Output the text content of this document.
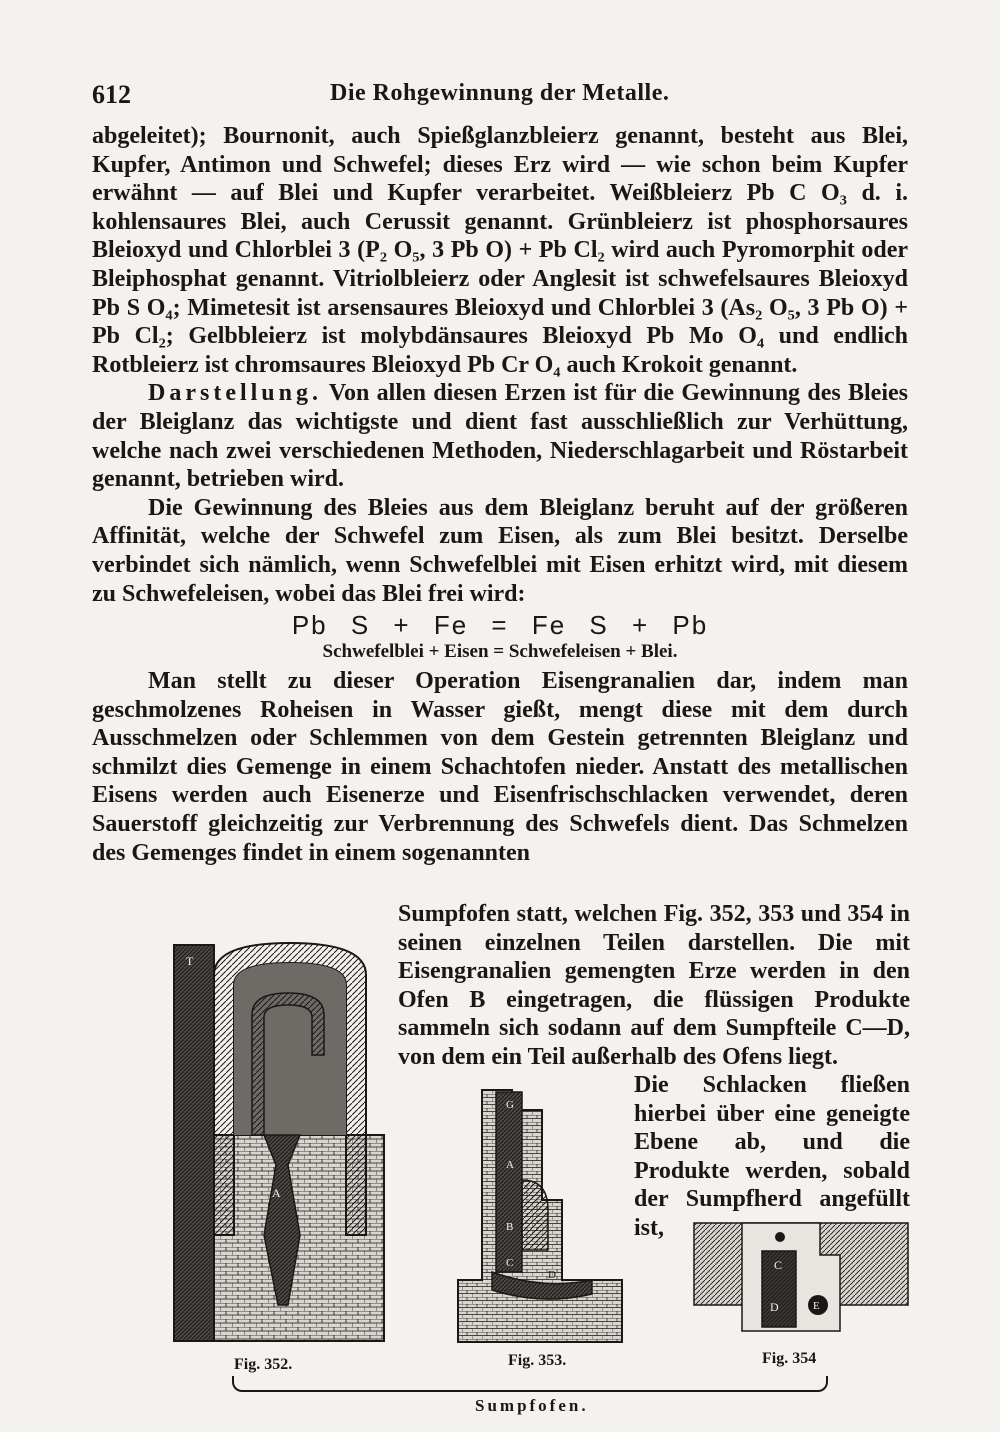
612	Die Rohgewinnung der Metalle.

abgeleitet); Bournonit, auch Spießglanzbleierz genannt, besteht aus Blei, Kupfer, Antimon und Schwefel; dieses Erz wird — wie schon beim Kupfer erwähnt — auf Blei und Kupfer verarbeitet. Weißbleierz Pb C O₃ d. i. kohlensaures Blei, auch Cerussit genannt. Grünbleierz ist phosphorsaures Bleioxyd und Chlorblei 3 (P₂ O₅, 3 Pb O) + Pb Cl₂ wird auch Pyromorphit oder Bleiphosphat genannt. Vitriolbleierz oder Anglesit ist schwefelsaures Bleioxyd Pb S O₄; Mimetesit ist arsensaures Bleioxyd und Chlorblei 3 (As₂ O₅, 3 Pb O) + Pb Cl₂; Gelbbleierz ist molybdänsaures Bleioxyd Pb Mo O₄ und endlich Rotbleierz ist chromsaures Bleioxyd Pb Cr O₄ auch Krokoit genannt.

Darstellung. Von allen diesen Erzen ist für die Gewinnung des Bleies der Bleiglanz das wichtigste und dient fast ausschließlich zur Verhüttung, welche nach zwei verschiedenen Methoden, Niederschlagarbeit und Röstarbeit genannt, betrieben wird.

Die Gewinnung des Bleies aus dem Bleiglanz beruht auf der größeren Affinität, welche der Schwefel zum Eisen, als zum Blei besitzt. Derselbe verbindet sich nämlich, wenn Schwefelblei mit Eisen erhitzt wird, mit diesem zu Schwefeleisen, wobei das Blei frei wird:

Pb S + Fe = Fe S + Pb

Schwefelblei + Eisen = Schwefeleisen + Blei.

Man stellt zu dieser Operation Eisengranalien dar, indem man geschmolzenes Roheisen in Wasser gießt, mengt diese mit dem durch Ausschmelzen oder Schlemmen von dem Gestein getrennten Bleiglanz und schmilzt dies Gemenge in einem Schachtofen nieder. Anstatt des metallischen Eisens werden auch Eisenerze und Eisenfrischschlacken verwendet, deren Sauerstoff gleichzeitig zur Verbrennung des Schwefels dient. Das Schmelzen des Gemenges findet in einem sogenannten

Sumpfofen statt, welchen Fig. 352, 353 und 354 in seinen einzelnen Teilen darstellen. Die mit Eisengranalien gemengten Erze werden in den Ofen B eingetragen, die flüssigen Produkte sammeln sich sodann auf dem Sumpfteile C—D, von dem ein Teil außerhalb des Ofens liegt.

Die Schlacken fließen hierbei über eine geneigte Ebene ab, und die Produkte werden, sobald der Sumpfherd angefüllt ist,

T
A
G
A
B
C
D
C
D	E
Fig. 352.	Fig. 353.	Fig. 354
Sumpfofen.
